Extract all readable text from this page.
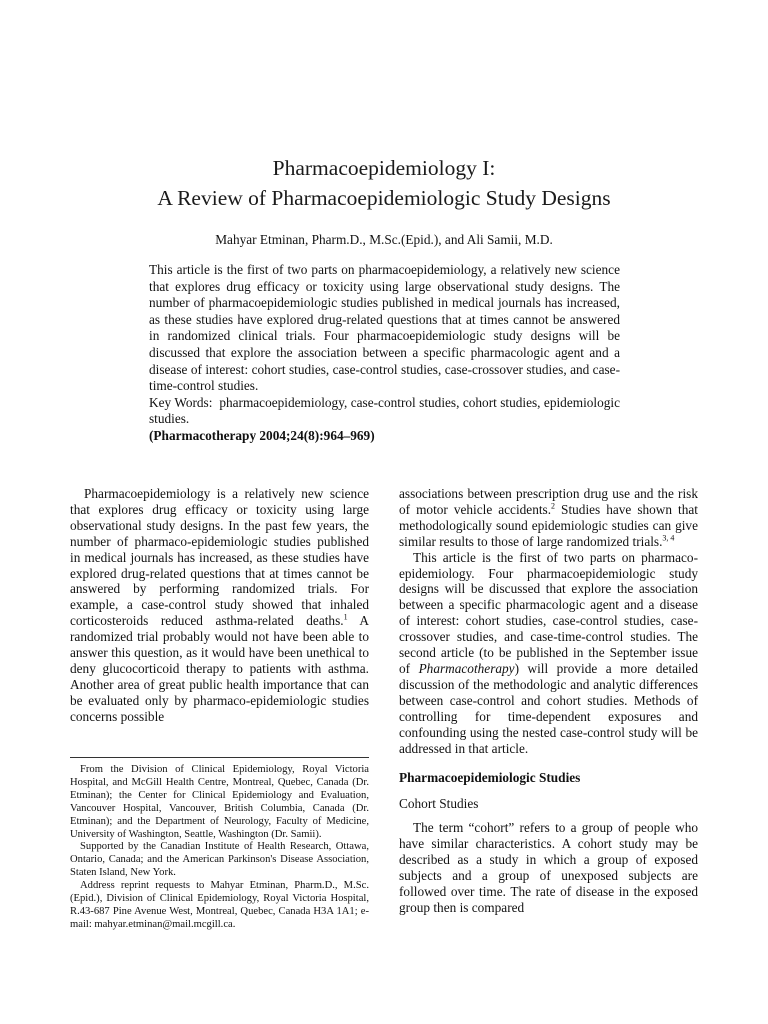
Pharmacoepidemiology I:
A Review of Pharmacoepidemiologic Study Designs
Mahyar Etminan, Pharm.D., M.Sc.(Epid.), and Ali Samii, M.D.

This article is the first of two parts on pharmacoepidemiology, a relatively new science that explores drug efficacy or toxicity using large observational study designs. The number of pharmacoepidemiologic studies published in medical journals has increased, as these studies have explored drug-related questions that at times cannot be answered in randomized clinical trials. Four pharmacoepidemiologic study designs will be discussed that explore the association between a specific pharmacologic agent and a disease of interest: cohort studies, case-control studies, case-crossover studies, and case-time-control studies.

Key Words: pharmacoepidemiology, case-control studies, cohort studies, epidemiologic studies.

(Pharmacotherapy 2004;24(8):964–969)

Pharmacoepidemiology is a relatively new science that explores drug efficacy or toxicity using large observational study designs. In the past few years, the number of pharmaco-epidemiologic studies published in medical journals has increased, as these studies have explored drug-related questions that at times cannot be answered by performing randomized trials. For example, a case-control study showed that inhaled corticosteroids reduced asthma-related deaths.$^1$ A randomized trial probably would not have been able to answer this question, as it would have been unethical to deny glucocorticoid therapy to patients with asthma. Another area of great public health importance that can be evaluated only by pharmaco-epidemiologic studies concerns possible

From the Division of Clinical Epidemiology, Royal Victoria Hospital, and McGill Health Centre, Montreal, Quebec, Canada (Dr. Etminan); the Center for Clinical Epidemiology and Evaluation, Vancouver Hospital, Vancouver, British Columbia, Canada (Dr. Etminan); and the Department of Neurology, Faculty of Medicine, University of Washington, Seattle, Washington (Dr. Samii).

Supported by the Canadian Institute of Health Research, Ottawa, Ontario, Canada; and the American Parkinson's Disease Association, Staten Island, New York.

Address reprint requests to Mahyar Etminan, Pharm.D., M.Sc.(Epid.), Division of Clinical Epidemiology, Royal Victoria Hospital, R.43-687 Pine Avenue West, Montreal, Quebec, Canada H3A 1A1; e-mail: mahyar.etminan@mail.mcgill.ca.

associations between prescription drug use and the risk of motor vehicle accidents.$^2$ Studies have shown that methodologically sound epidemiologic studies can give similar results to those of large randomized trials.$^{3, 4}$

This article is the first of two parts on pharmaco-epidemiology. Four pharmacoepidemiologic study designs will be discussed that explore the association between a specific pharmacologic agent and a disease of interest: cohort studies, case-control studies, case-crossover studies, and case-time-control studies. The second article (to be published in the September issue of Pharmacotherapy) will provide a more detailed discussion of the methodologic and analytic differences between case-control and cohort studies. Methods of controlling for time-dependent exposures and confounding using the nested case-control study will be addressed in that article.

Pharmacoepidemiologic Studies
Cohort Studies

The term “cohort” refers to a group of people who have similar characteristics. A cohort study may be described as a study in which a group of exposed subjects and a group of unexposed subjects are followed over time. The rate of disease in the exposed group then is compared
